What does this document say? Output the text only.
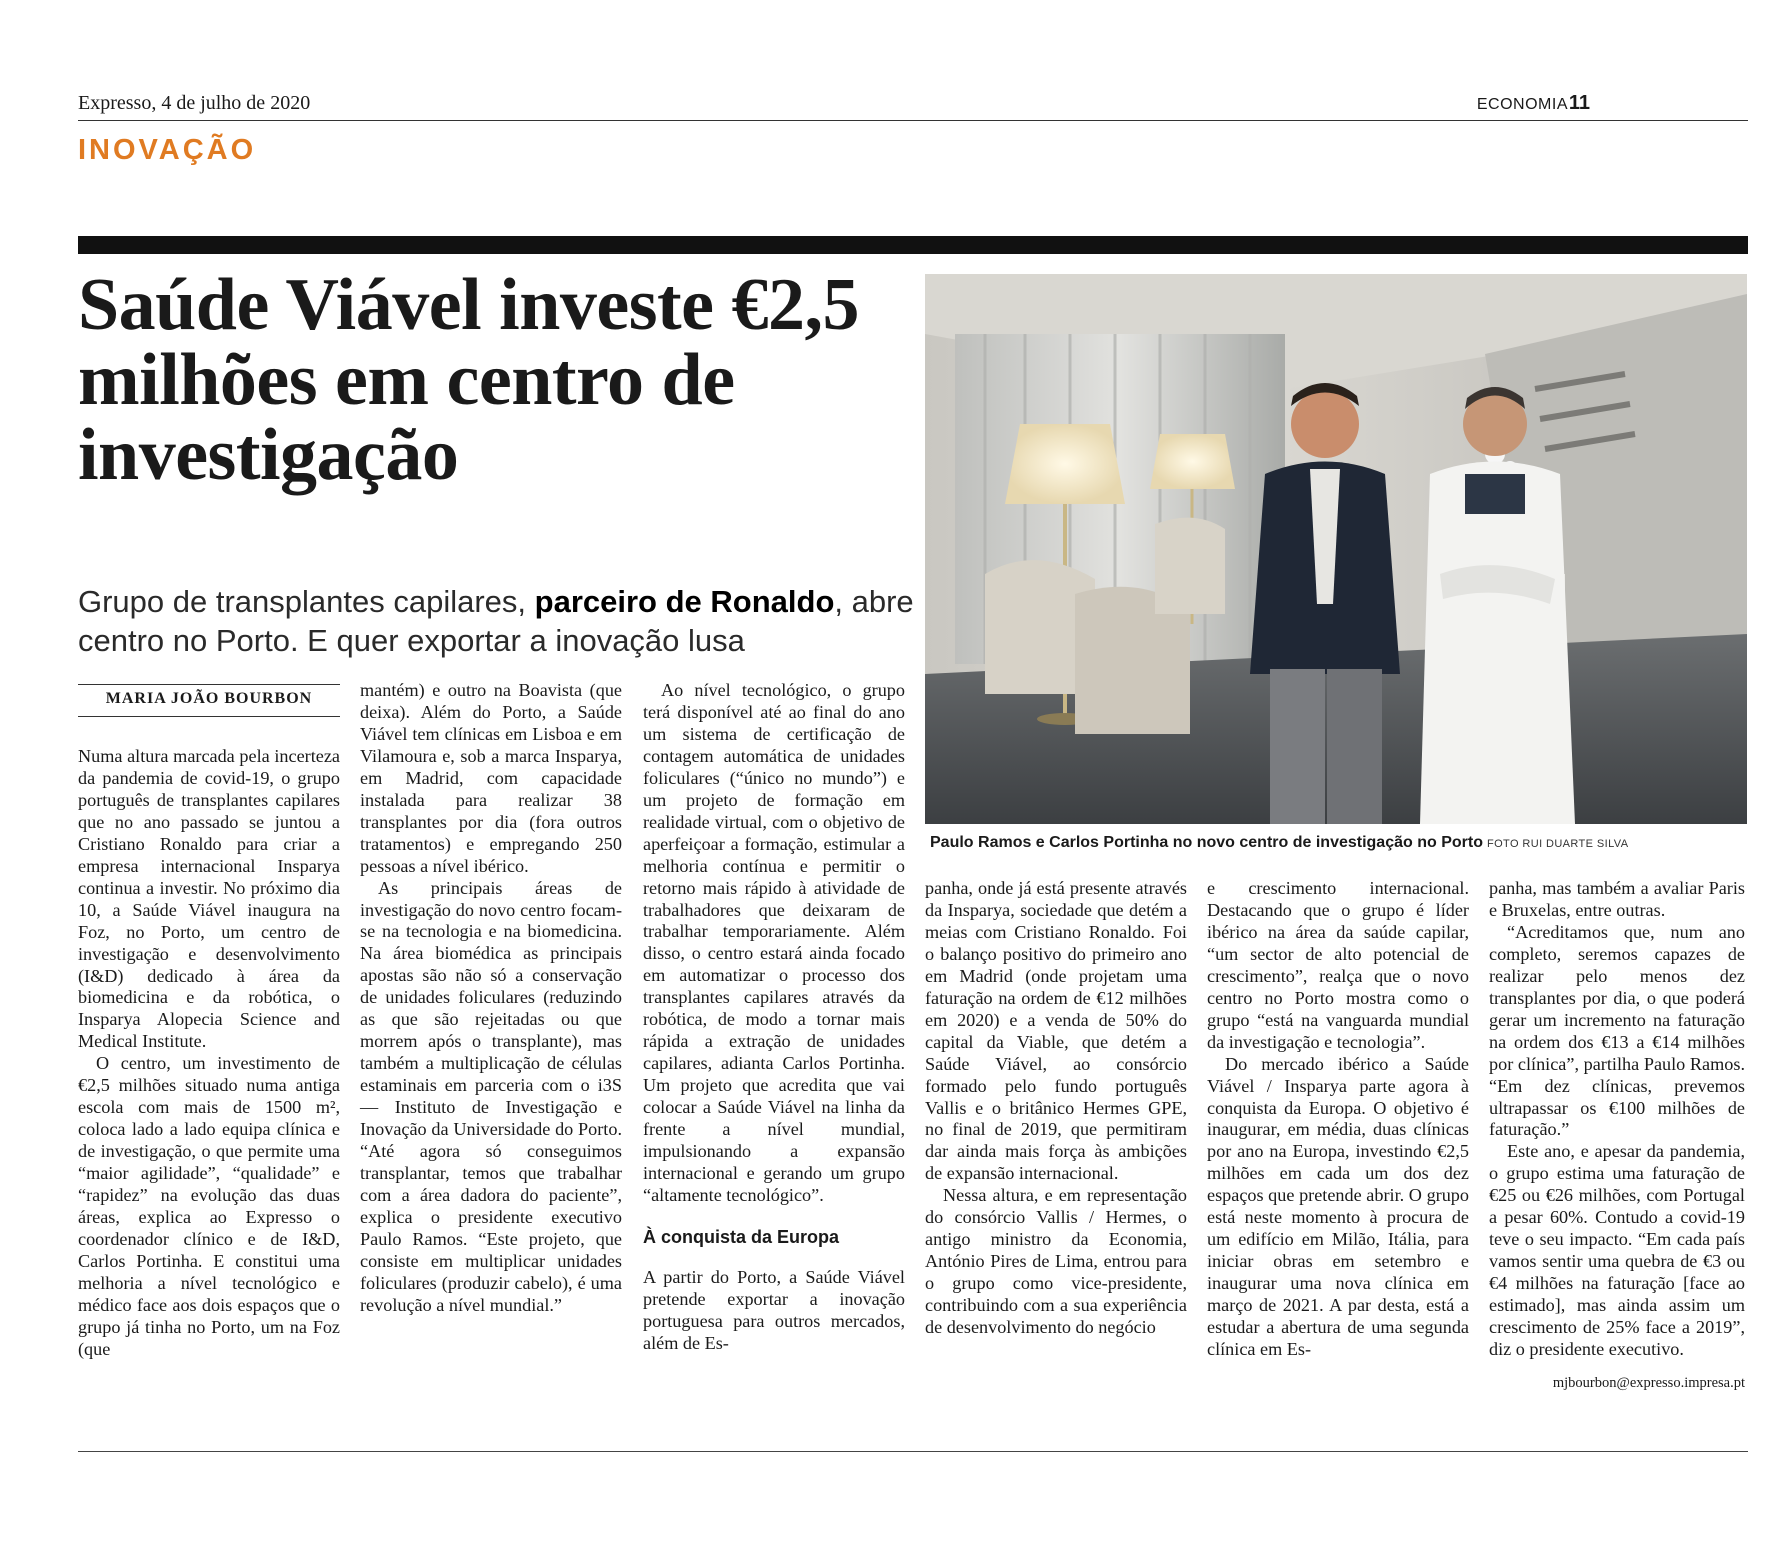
Expresso, 4 de julho de 2020	ECONOMIA 11
INOVAÇÃO
Saúde Viável investe €2,5 milhões em centro de investigação
Grupo de transplantes capilares, parceiro de Ronaldo, abre centro no Porto. E quer exportar a inovação lusa
Paulo Ramos e Carlos Portinha no novo centro de investigação no Porto FOTO RUI DUARTE SILVA
MARIA JOÃO BOURBON

Numa altura marcada pela incerteza da pandemia de covid-19, o grupo português de transplantes capilares que no ano passado se juntou a Cristiano Ronaldo para criar a empresa internacional Insparya continua a investir. No próximo dia 10, a Saúde Viável inaugura na Foz, no Porto, um centro de investigação e desenvolvimento (I&D) dedicado à área da biomedicina e da robótica, o Insparya Alopecia Science and Medical Institute.

O centro, um investimento de €2,5 milhões situado numa antiga escola com mais de 1500 m², coloca lado a lado equipa clínica e de investigação, o que permite uma “maior agilidade”, “qualidade” e “rapidez” na evolução das duas áreas, explica ao Expresso o coordenador clínico e de I&D, Carlos Portinha. E constitui uma melhoria a nível tecnológico e médico face aos dois espaços que o grupo já tinha no Porto, um na Foz (que

mantém) e outro na Boavista (que deixa). Além do Porto, a Saúde Viável tem clínicas em Lisboa e em Vilamoura e, sob a marca Insparya, em Madrid, com capacidade instalada para realizar 38 transplantes por dia (fora outros tratamentos) e empregando 250 pessoas a nível ibérico.

As principais áreas de investigação do novo centro focam-se na tecnologia e na biomedicina. Na área biomédica as principais apostas são não só a conservação de unidades foliculares (reduzindo as que são rejeitadas ou que morrem após o transplante), mas também a multiplicação de células estaminais em parceria com o i3S — Instituto de Investigação e Inovação da Universidade do Porto. “Até agora só conseguimos transplantar, temos que trabalhar com a área dadora do paciente”, explica o presidente executivo Paulo Ramos. “Este projeto, que consiste em multiplicar unidades foliculares (produzir cabelo), é uma revolução a nível mundial.”

Ao nível tecnológico, o grupo terá disponível até ao final do ano um sistema de certificação de contagem automática de unidades foliculares (“único no mundo”) e um projeto de formação em realidade virtual, com o objetivo de aperfeiçoar a formação, estimular a melhoria contínua e permitir o retorno mais rápido à atividade de trabalhadores que deixaram de trabalhar temporariamente. Além disso, o centro estará ainda focado em automatizar o processo dos transplantes capilares através da robótica, de modo a tornar mais rápida a extração de unidades capilares, adianta Carlos Portinha. Um projeto que acredita que vai colocar a Saúde Viável na linha da frente a nível mundial, impulsionando a expansão internacional e gerando um grupo “altamente tecnológico”.

À conquista da Europa

A partir do Porto, a Saúde Viável pretende exportar a inovação portuguesa para outros mercados, além de Es-

panha, onde já está presente através da Insparya, sociedade que detém a meias com Cristiano Ronaldo. Foi o balanço positivo do primeiro ano em Madrid (onde projetam uma faturação na ordem de €12 milhões em 2020) e a venda de 50% do capital da Viable, que detém a Saúde Viável, ao consórcio formado pelo fundo português Vallis e o britânico Hermes GPE, no final de 2019, que permitiram dar ainda mais força às ambições de expansão internacional.

Nessa altura, e em representação do consórcio Vallis / Hermes, o antigo ministro da Economia, António Pires de Lima, entrou para o grupo como vice-presidente, contribuindo com a sua experiência de desenvolvimento do negócio

e crescimento internacional. Destacando que o grupo é líder ibérico na área da saúde capilar, “um sector de alto potencial de crescimento”, realça que o novo centro no Porto mostra como o grupo “está na vanguarda mundial da investigação e tecnologia”.

Do mercado ibérico a Saúde Viável / Insparya parte agora à conquista da Europa. O objetivo é inaugurar, em média, duas clínicas por ano na Europa, investindo €2,5 milhões em cada um dos dez espaços que pretende abrir. O grupo está neste momento à procura de um edifício em Milão, Itália, para iniciar obras em setembro e inaugurar uma nova clínica em março de 2021. A par desta, está a estudar a abertura de uma segunda clínica em Es-

panha, mas também a avaliar Paris e Bruxelas, entre outras.

“Acreditamos que, num ano completo, seremos capazes de realizar pelo menos dez transplantes por dia, o que poderá gerar um incremento na faturação na ordem dos €13 a €14 milhões por clínica”, partilha Paulo Ramos. “Em dez clínicas, prevemos ultrapassar os €100 milhões de faturação.”

Este ano, e apesar da pandemia, o grupo estima uma faturação de €25 ou €26 milhões, com Portugal a pesar 60%. Contudo a covid-19 teve o seu impacto. “Em cada país vamos sentir uma quebra de €3 ou €4 milhões na faturação [face ao estimado], mas ainda assim um crescimento de 25% face a 2019”, diz o presidente executivo.

mjbourbon@expresso.impresa.pt
